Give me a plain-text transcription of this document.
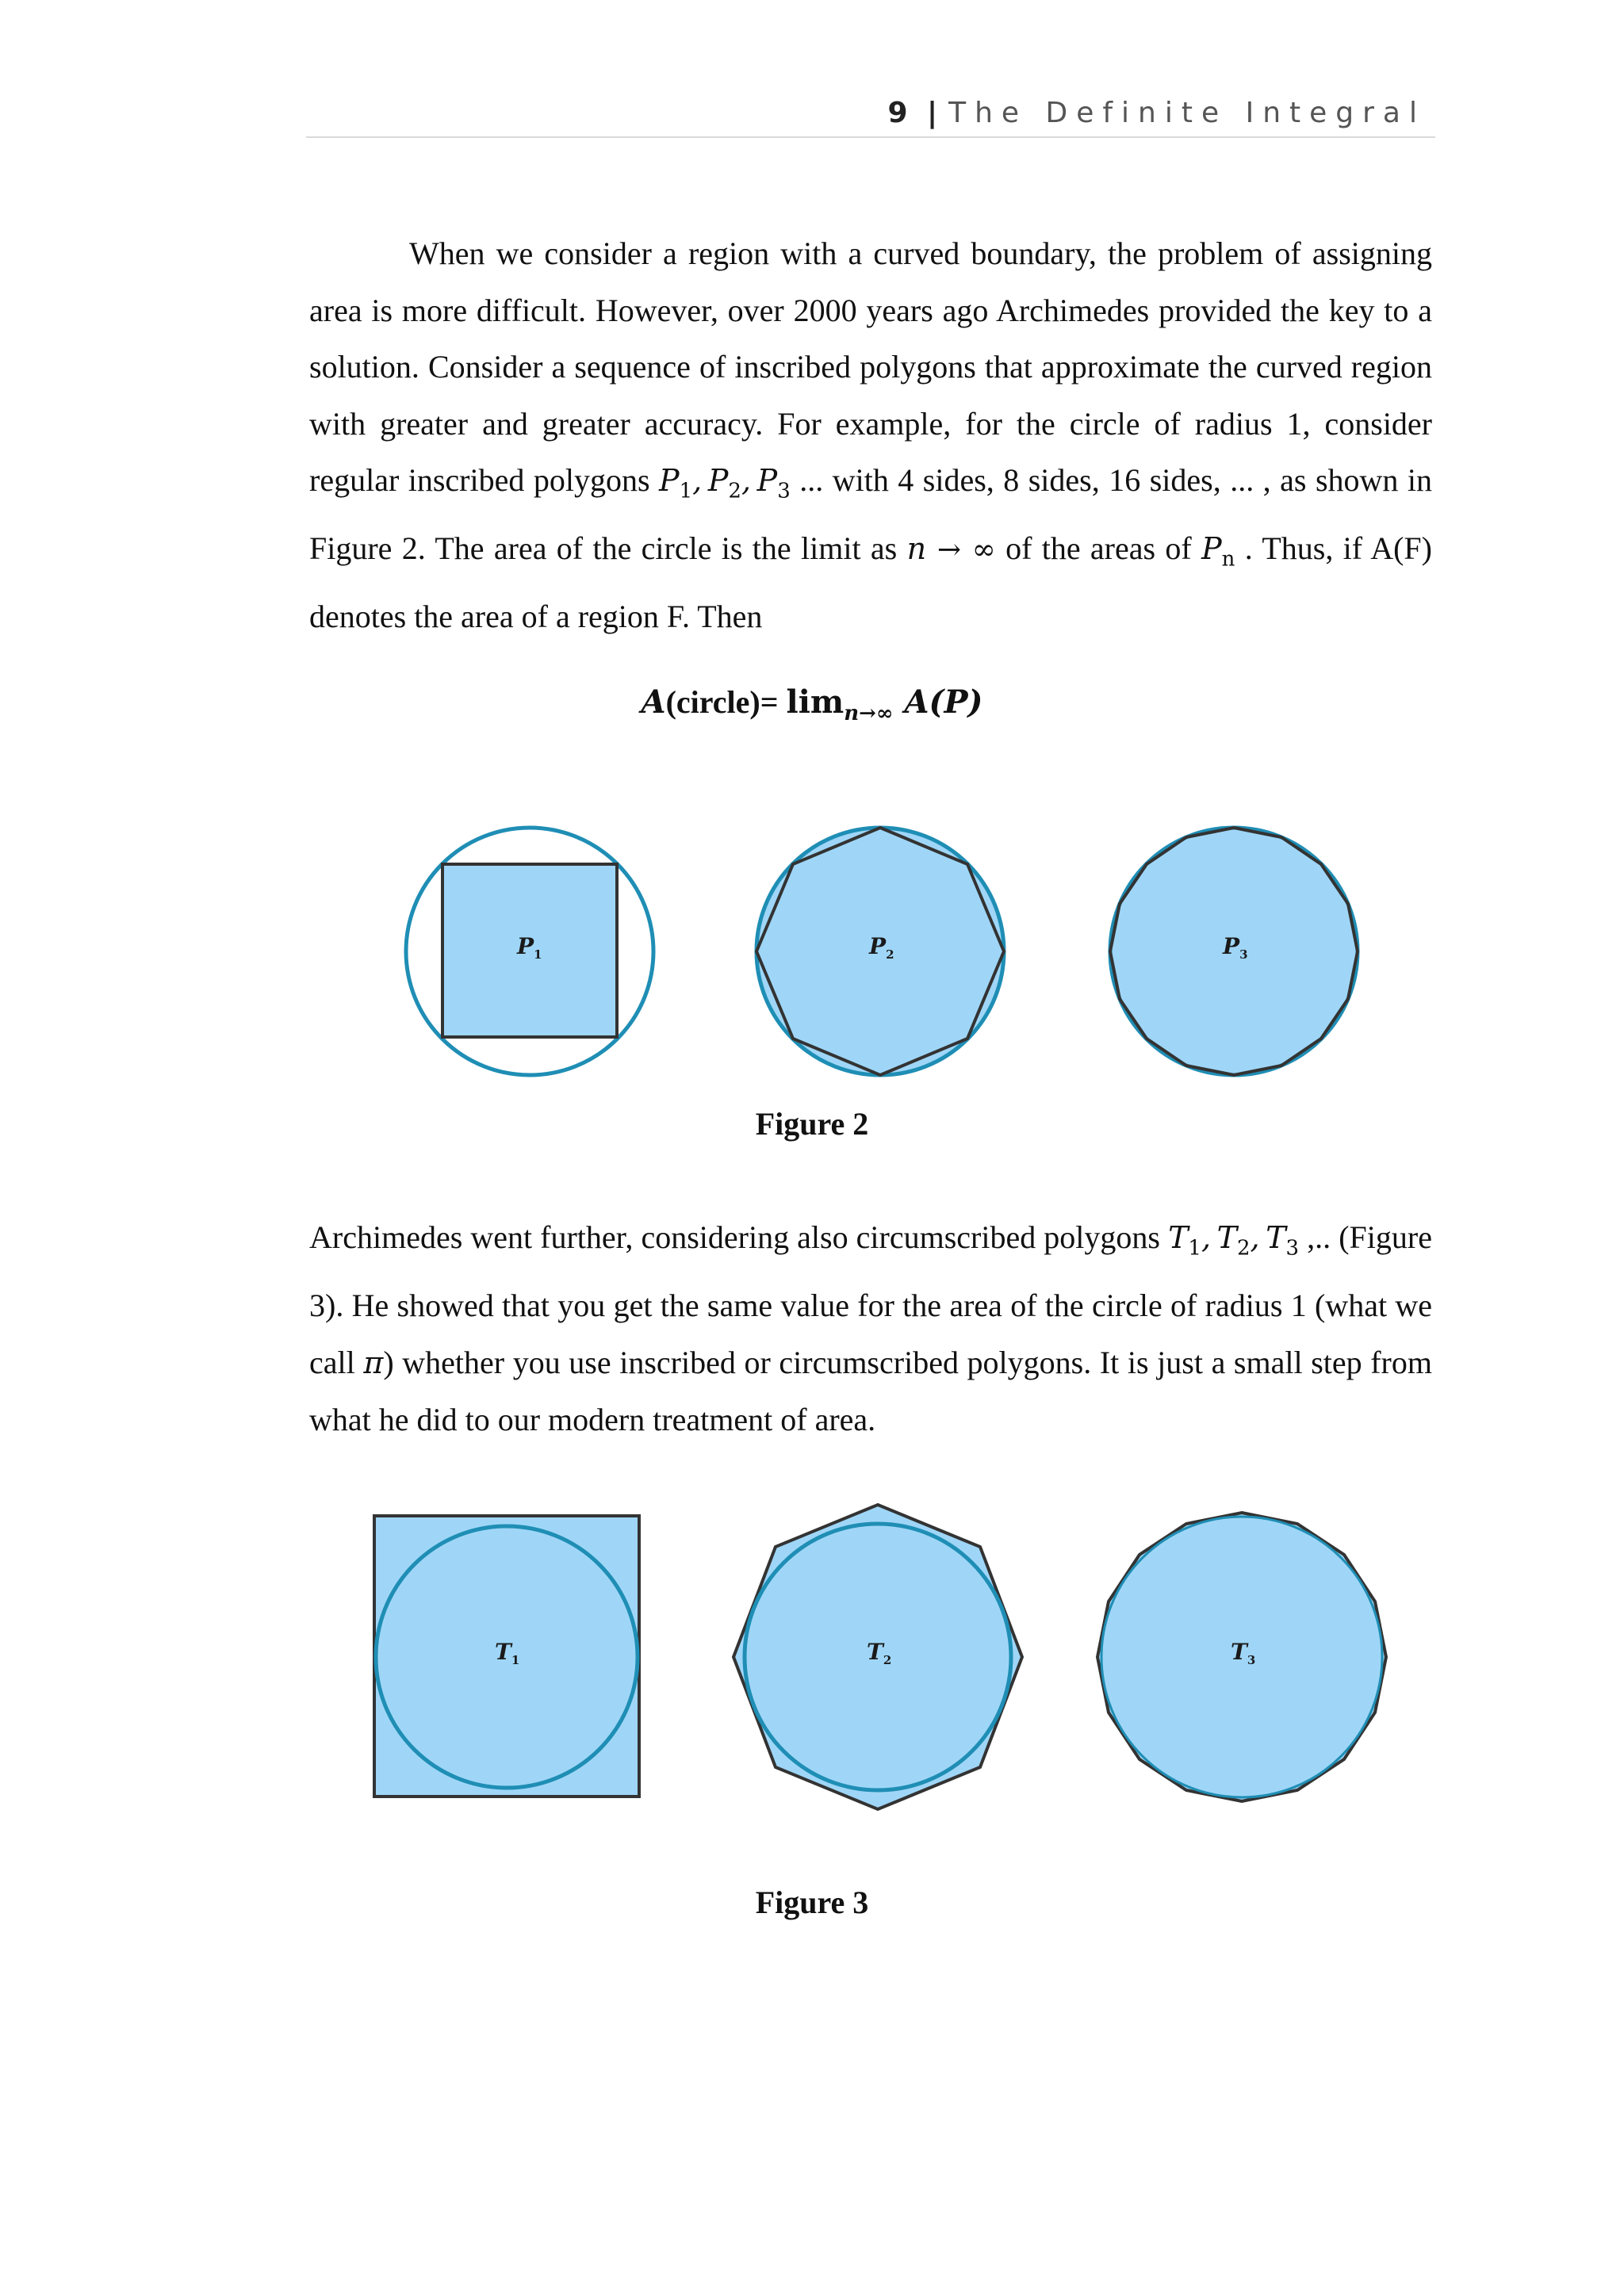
9 |The Definite Integral

When we consider a region with a curved boundary, the problem of assigning area is more difficult. However, over 2000 years ago Archimedes provided the key to a solution. Consider a sequence of inscribed polygons that approximate the curved region with greater and greater accuracy. For example, for the circle of radius 1, consider regular inscribed polygons $P_1$, $P_2$, $P_3$ ... with 4 sides, 8 sides, 16 sides, ... , as shown in Figure 2. The area of the circle is the limit as n → ∞ of the areas of $P_n$ . Thus, if A(F) denotes the area of a region F. Then

A(circle)= $\lim_{n\to\infty} A(P)$
$P_1$	$P_2$	$P_3$
Figure 2

Archimedes went further, considering also circumscribed polygons $T_1$, $T_2$, $T_3$ ,.. (Figure 3). He showed that you get the same value for the area of the circle of radius 1 (what we call π) whether you use inscribed or circumscribed polygons. It is just a small step from what he did to our modern treatment of area.

$T_1$	$T_2$	$T_3$
Figure 3
